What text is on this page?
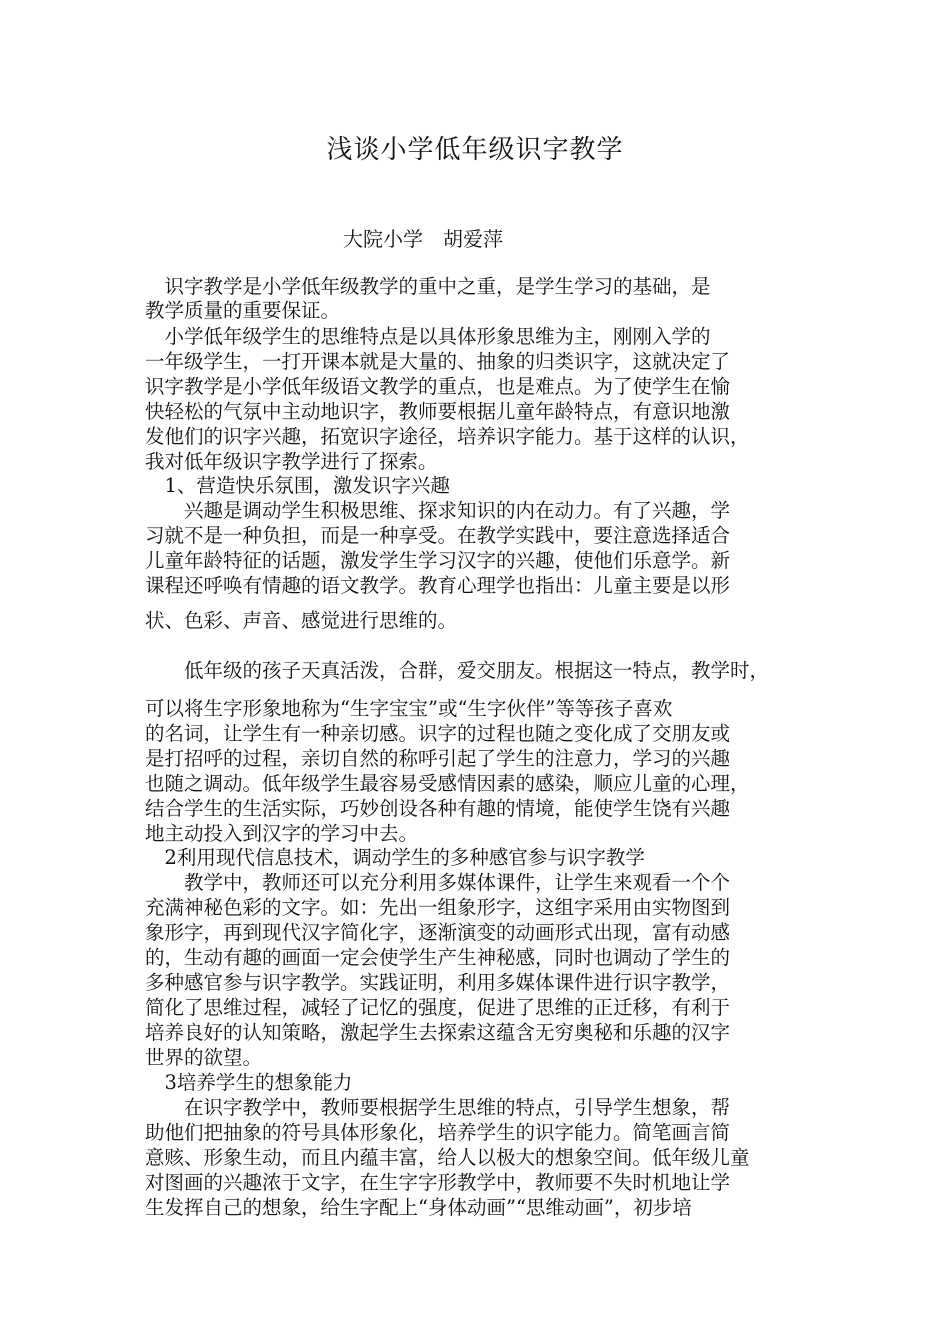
浅谈小学低年级识字教学
大院小学　胡爱萍
　识字教学是小学低年级教学的重中之重，是学生学习的基础，是
教学质量的重要保证。
　小学低年级学生的思维特点是以具体形象思维为主，刚刚入学的
一年级学生，一打开课本就是大量的、抽象的归类识字，这就决定了
识字教学是小学低年级语文教学的重点，也是难点。为了使学生在愉
快轻松的气氛中主动地识字，教师要根据儿童年龄特点，有意识地激
发他们的识字兴趣，拓宽识字途径，培养识字能力。基于这样的认识，
我对低年级识字教学进行了探索。
　1、营造快乐氛围，激发识字兴趣
　　兴趣是调动学生积极思维、探求知识的内在动力。有了兴趣，学
习就不是一种负担，而是一种享受。在教学实践中，要注意选择适合
儿童年龄特征的话题，激发学生学习汉字的兴趣，使他们乐意学。新
课程还呼唤有情趣的语文教学。教育心理学也指出：儿童主要是以形
状、色彩、声音、感觉进行思维的。
　　低年级的孩子天真活泼，合群，爱交朋友。根据这一特点，教学时，
可以将生字形象地称为“生字宝宝”或“生字伙伴”等等孩子喜欢
的名词，让学生有一种亲切感。识字的过程也随之变化成了交朋友或
是打招呼的过程，亲切自然的称呼引起了学生的注意力，学习的兴趣
也随之调动。低年级学生最容易受感情因素的感染，顺应儿童的心理，
结合学生的生活实际，巧妙创设各种有趣的情境，能使学生饶有兴趣
地主动投入到汉字的学习中去。
　2利用现代信息技术，调动学生的多种感官参与识字教学
　　教学中，教师还可以充分利用多媒体课件，让学生来观看一个个
充满神秘色彩的文字。如：先出一组象形字，这组字采用由实物图到
象形字，再到现代汉字简化字，逐渐演变的动画形式出现，富有动感
的，生动有趣的画面一定会使学生产生神秘感，同时也调动了学生的
多种感官参与识字教学。实践证明，利用多媒体课件进行识字教学，
简化了思维过程，减轻了记忆的强度，促进了思维的正迁移，有利于
培养良好的认知策略，激起学生去探索这蕴含无穷奥秘和乐趣的汉字
世界的欲望。
　3培养学生的想象能力
　　在识字教学中，教师要根据学生思维的特点，引导学生想象，帮
助他们把抽象的符号具体形象化，培养学生的识字能力。简笔画言简
意赅、形象生动，而且内蕴丰富，给人以极大的想象空间。低年级儿童
对图画的兴趣浓于文字，在生字字形教学中，教师要不失时机地让学
生发挥自己的想象，给生字配上“身体动画”“思维动画”，初步培
